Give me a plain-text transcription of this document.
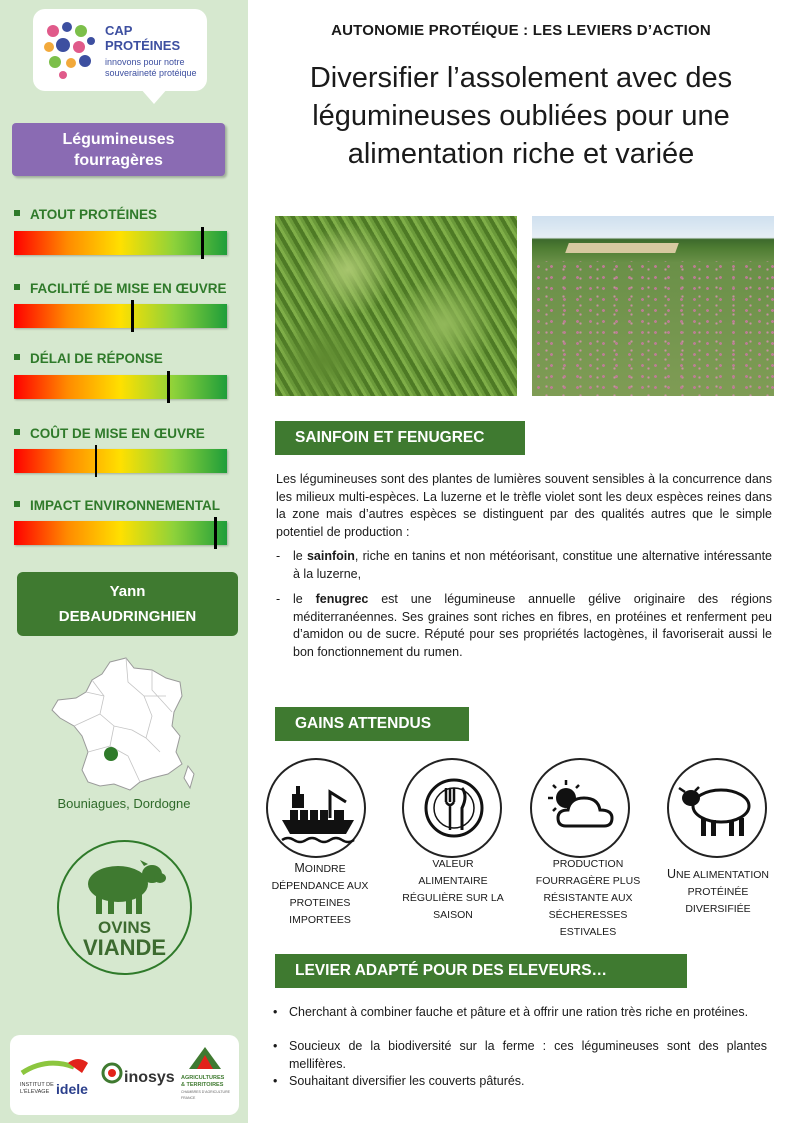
CAP
PROTÉINES
innovons pour notre
souveraineté protéique
Légumineuses
fourragères
ATOUT PROTÉINES
FACILITÉ DE MISE EN ŒUVRE
DÉLAI DE RÉPONSE
COÛT DE MISE EN ŒUVRE
IMPACT ENVIRONNEMENTAL
Yann
DEBAUDRINGHIEN
Bouniagues, Dordogne
OVINS
VIANDE
INSTITUT DE
L’ÉLEVAGE idele
inosys AGRICULTURES
& TERRITOIRES
CHAMBRES D’AGRICULTURE
FRANCE
AUTONOMIE PROTÉIQUE : LES LEVIERS D’ACTION
Diversifier l’assolement avec des
légumineuses oubliées pour une
alimentation riche et variée
SAINFOIN ET FENUGREC
Les légumineuses sont des plantes de lumières souvent sensibles à la concurrence dans les milieux multi-espèces. La luzerne et le trèfle violet sont les deux espèces reines dans la zone mais d’autres espèces se distinguent par des qualités autres que le simple potentiel de production :
- le sainfoin, riche en tanins et non météorisant, constitue une alternative intéressante à la luzerne,
- le fenugrec est une légumineuse annuelle gélive originaire des régions méditerranéennes. Ses graines sont riches en fibres, en protéines et renferment peu d’amidon ou de sucre. Réputé pour ses propriétés lactogènes, il favoriserait aussi le bon fonctionnement du rumen.
GAINS ATTENDUS
MOINDRE
DÉPENDANCE AUX
PROTEINES
IMPORTEES
VALEUR
ALIMENTAIRE
RÉGULIÈRE SUR LA
SAISON
PRODUCTION
FOURRAGÈRE PLUS
RÉSISTANTE AUX
SÉCHERESSES ESTIVALES
UNE ALIMENTATION
PROTÉINÉE
DIVERSIFIÉE
LEVIER ADAPTÉ POUR DES ELEVEURS…
• Cherchant à combiner fauche et pâture et à offrir une ration très riche en protéines.
• Soucieux de la biodiversité sur la ferme : ces légumineuses sont des plantes mellifères.
• Souhaitant diversifier les couverts pâturés.
